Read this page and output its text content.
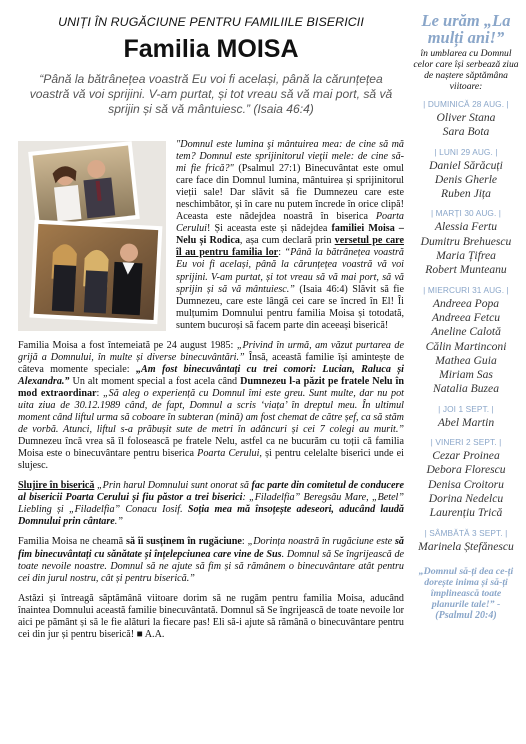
UNIȚI ÎN RUGĂCIUNE PENTRU FAMILIILE BISERICII
Familia MOISA
“Până la bătrânețea voastră Eu voi fi același, până la cărunțețea voastră vă voi sprijini. V-am purtat, și tot vreau să vă mai port, să vă sprijin și să vă mântuiesc.” (Isaia 46:4)

"Domnul este lumina şi mântuirea mea: de cine să mă tem? Domnul este sprijinitorul vieţii mele: de cine să-mi fie frică?" (Psalmul 27:1) Binecuvântat este omul care face din Domnul lumina, mântuirea și sprijinitorul vieții sale! Dar slăvit să fie Dumnezeu care este neschimbător, și în care nu putem încrede în orice clipă! Aceasta este nădejdea noastră în biserica Poarta Cerului! Și aceasta este și nădejdea familiei Moisa – Nelu și Rodica, așa cum declară prin versetul pe care îl au pentru familia lor: “Până la bătrânețea voastră Eu voi fi același, până la cărunțețea voastră vă voi sprijini. V-am purtat, și tot vreau să vă mai port, să vă sprijin și să vă mântuiesc.” (Isaia 46:4) Slăvit să fie Dumnezeu, care este lângă cei care se încred în El! Îi mulțumim Domnului pentru familia Moisa și totodată, suntem bucuroși să facem parte din aceeași biserică!

Familia Moisa a fost întemeiată pe 24 august 1985: „Privind în urmă, am văzut purtarea de grijă a Domnului, în multe și diverse binecuvântări.” Însă, această familie își amintește de câteva momente speciale: „Am fost binecuvântați cu trei comori: Lucian, Raluca și Alexandra.” Un alt moment special a fost acela când Dumnezeu l-a păzit pe fratele Nelu în mod extraordinar: „Să aleg o experiență cu Domnul îmi este greu. Sunt multe, dar nu pot uita ziua de 30.12.1989 când, de fapt, Domnul a scris ‘viața’ în dreptul meu. În ultimul moment când liftul urma să coboare în subteran (mină) am fost chemat de către șef, ca să stăm de vorbă. Atunci, liftul s-a prăbușit sute de metri în adâncuri și cei 7 colegi au murit.” Dumnezeu încă vrea să îl folosească pe fratele Nelu, astfel ca ne bucurăm cu toții că familia Moisa este o binecuvântare pentru biserica Poarta Cerului, și pentru celelalte biserici unde ei slujesc.

Slujire în biserică „Prin harul Domnului sunt onorat să fac parte din comitetul de conducere al bisericii Poarta Cerului și fiu păstor a trei biserici: „Filadelfia” Beregsău Mare, „Betel” Liebling și „Filadelfia” Conacu Iosif. Soția mea mă însoțește adeseori, aducând laudă Domnului prin cântare.”

Familia Moisa ne cheamă să îi susținem în rugăciune: „Dorința noastră în rugăciune este să fim binecuvântați cu sănătate și înțelepciunea care vine de Sus. Domnul să Se îngrijească de toate nevoile noastre. Domnul să ne ajute să fim și să rămânem o binecuvântare atât pentru cei din jurul nostru, cât și pentru biserică.”

Astăzi și întreagă săptămână viitoare dorim să ne rugăm pentru familia Moisa, aducând înaintea Domnului această familie binecuvântată. Domnul să Se îngrijească de toate nevoile lor aici pe pământ și să le fie alături la fiecare pas! Eli să-i ajute să rămână o binecuvântare pentru cei din jur și pentru biserică! ■ A.A.

Le urăm „La mulți ani!”
în umblarea cu Domnul celor care își serbează ziua de naștere săptămâna viitoare:
| DUMINICĂ 28 AUG. |
Oliver Stana
Sara Bota
| LUNI 29 AUG. |
Daniel Sărăcuți
Denis Gherle
Ruben Jița
| MARȚI 30 AUG. |
Alessia Fertu
Dumitru Brehuescu
Maria Țifrea
Robert Munteanu
| MIERCURI 31 AUG. |
Andreea Popa
Andreea Fetcu
Aneline Calotă
Călin Martinconi
Mathea Guia
Miriam Sas
Natalia Buzea
| JOI 1 SEPT. |
Abel Martin
| VINERI 2 SEPT. |
Cezar Proinea
Debora Florescu
Denisa Croitoru
Dorina Nedelcu
Laurențiu Trică
| SÂMBĂTĂ 3 SEPT. |
Marinela Ștefănescu
„Domnul să-ți dea ce-ți dorește inima și să-ți împlinească toate planurile tale!” - (Psalmul 20:4)
